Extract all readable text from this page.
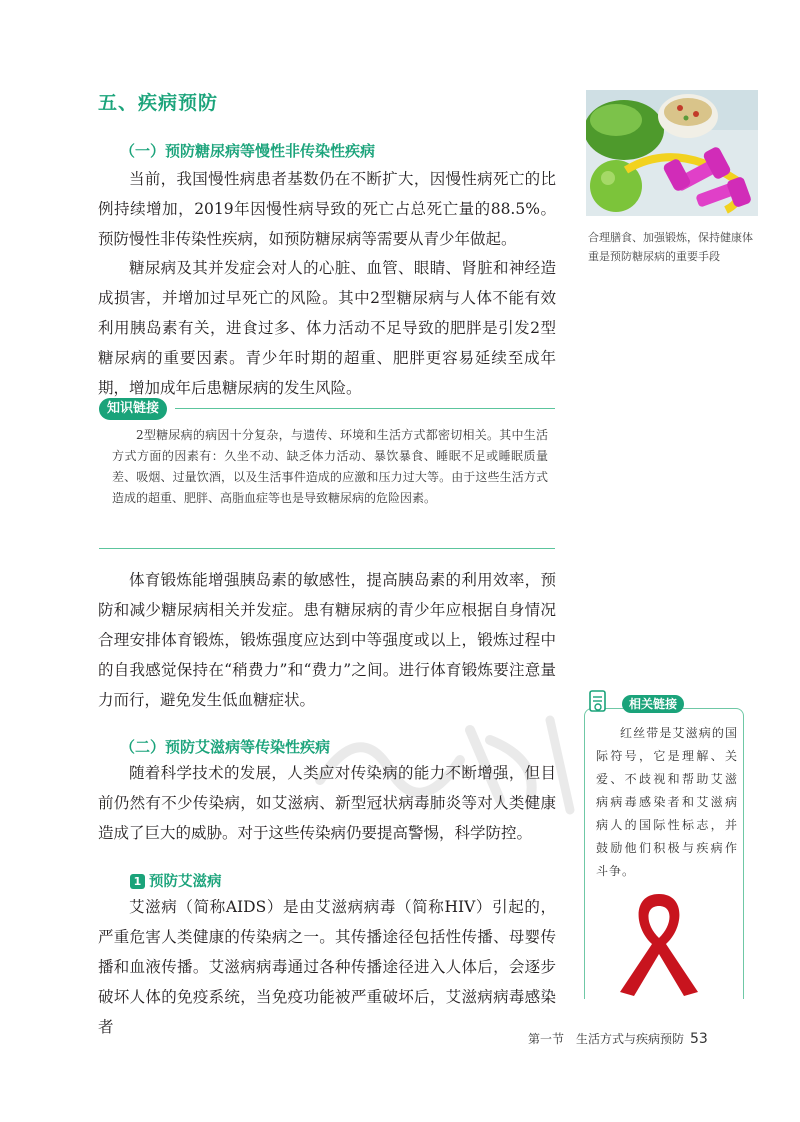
五、疾病预防
（一）预防糖尿病等慢性非传染性疾病

当前，我国慢性病患者基数仍在不断扩大，因慢性病死亡的比例持续增加，2019年因慢性病导致的死亡占总死亡量的88.5%。预防慢性非传染性疾病，如预防糖尿病等需要从青少年做起。

糖尿病及其并发症会对人的心脏、血管、眼睛、肾脏和神经造成损害，并增加过早死亡的风险。其中2型糖尿病与人体不能有效利用胰岛素有关，进食过多、体力活动不足导致的肥胖是引发2型糖尿病的重要因素。青少年时期的超重、肥胖更容易延续至成年期，增加成年后患糖尿病的发生风险。

知识链接

2型糖尿病的病因十分复杂，与遗传、环境和生活方式都密切相关。其中生活方式方面的因素有：久坐不动、缺乏体力活动、暴饮暴食、睡眠不足或睡眠质量差、吸烟、过量饮酒，以及生活事件造成的应激和压力过大等。由于这些生活方式造成的超重、肥胖、高脂血症等也是导致糖尿病的危险因素。

体育锻炼能增强胰岛素的敏感性，提高胰岛素的利用效率，预防和减少糖尿病相关并发症。患有糖尿病的青少年应根据自身情况合理安排体育锻炼，锻炼强度应达到中等强度或以上，锻炼过程中的自我感觉保持在“稍费力”和“费力”之间。进行体育锻炼要注意量力而行，避免发生低血糖症状。

（二）预防艾滋病等传染性疾病

随着科学技术的发展，人类应对传染病的能力不断增强，但目前仍然有不少传染病，如艾滋病、新型冠状病毒肺炎等对人类健康造成了巨大的威胁。对于这些传染病仍要提高警惕，科学防控。

1 预防艾滋病

艾滋病（简称AIDS）是由艾滋病病毒（简称HIV）引起的，严重危害人类健康的传染病之一。其传播途径包括性传播、母婴传播和血液传播。艾滋病病毒通过各种传播途径进入人体后，会逐步破坏人体的免疫系统，当免疫功能被严重破坏后，艾滋病病毒感染者

合理膳食、加强锻炼，保持健康体重是预防糖尿病的重要手段

相关链接

红丝带是艾滋病的国际符号，它是理解、关爱、不歧视和帮助艾滋病病毒感染者和艾滋病病人的国际性标志，并鼓励他们积极与疾病作斗争。

第一节　生活方式与疾病预防 53
